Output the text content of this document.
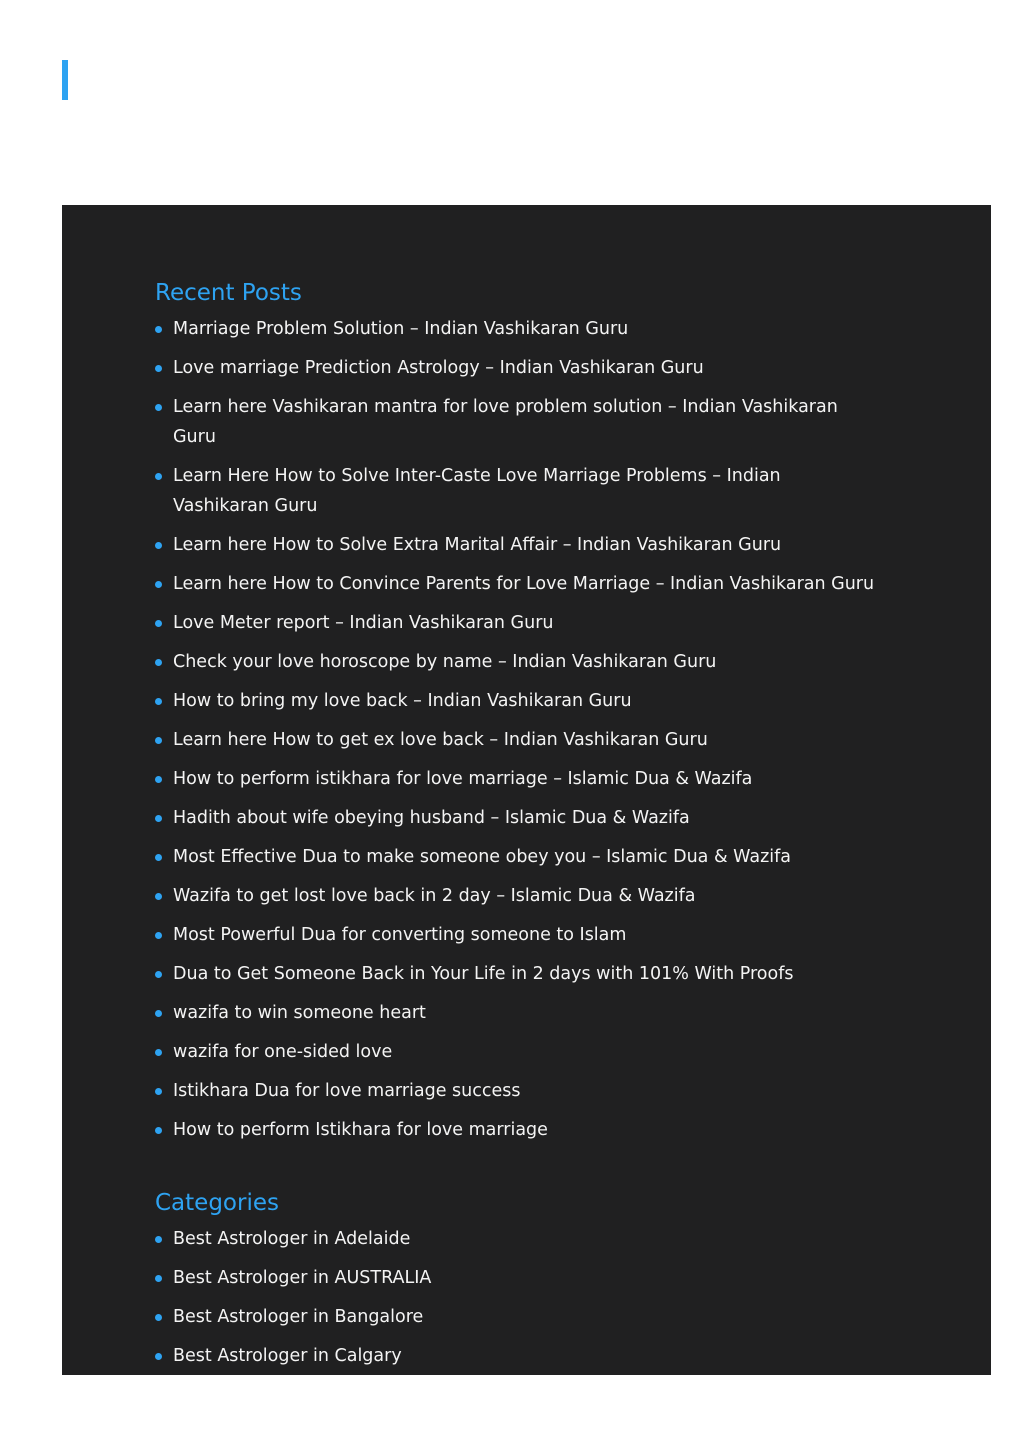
Recent Posts
Marriage Problem Solution – Indian Vashikaran Guru
Love marriage Prediction Astrology – Indian Vashikaran Guru
Learn here Vashikaran mantra for love problem solution – Indian Vashikaran Guru
Learn Here How to Solve Inter-Caste Love Marriage Problems – Indian Vashikaran Guru
Learn here How to Solve Extra Marital Affair – Indian Vashikaran Guru
Learn here How to Convince Parents for Love Marriage – Indian Vashikaran Guru
Love Meter report – Indian Vashikaran Guru
Check your love horoscope by name – Indian Vashikaran Guru
How to bring my love back – Indian Vashikaran Guru
Learn here How to get ex love back – Indian Vashikaran Guru
How to perform istikhara for love marriage – Islamic Dua & Wazifa
Hadith about wife obeying husband – Islamic Dua & Wazifa
Most Effective Dua to make someone obey you – Islamic Dua & Wazifa
Wazifa to get lost love back in 2 day – Islamic Dua & Wazifa
Most Powerful Dua for converting someone to Islam
Dua to Get Someone Back in Your Life in 2 days with 101% With Proofs
wazifa to win someone heart
wazifa for one-sided love
Istikhara Dua for love marriage success
How to perform Istikhara for love marriage
Categories
Best Astrologer in Adelaide
Best Astrologer in AUSTRALIA
Best Astrologer in Bangalore
Best Astrologer in Calgary
